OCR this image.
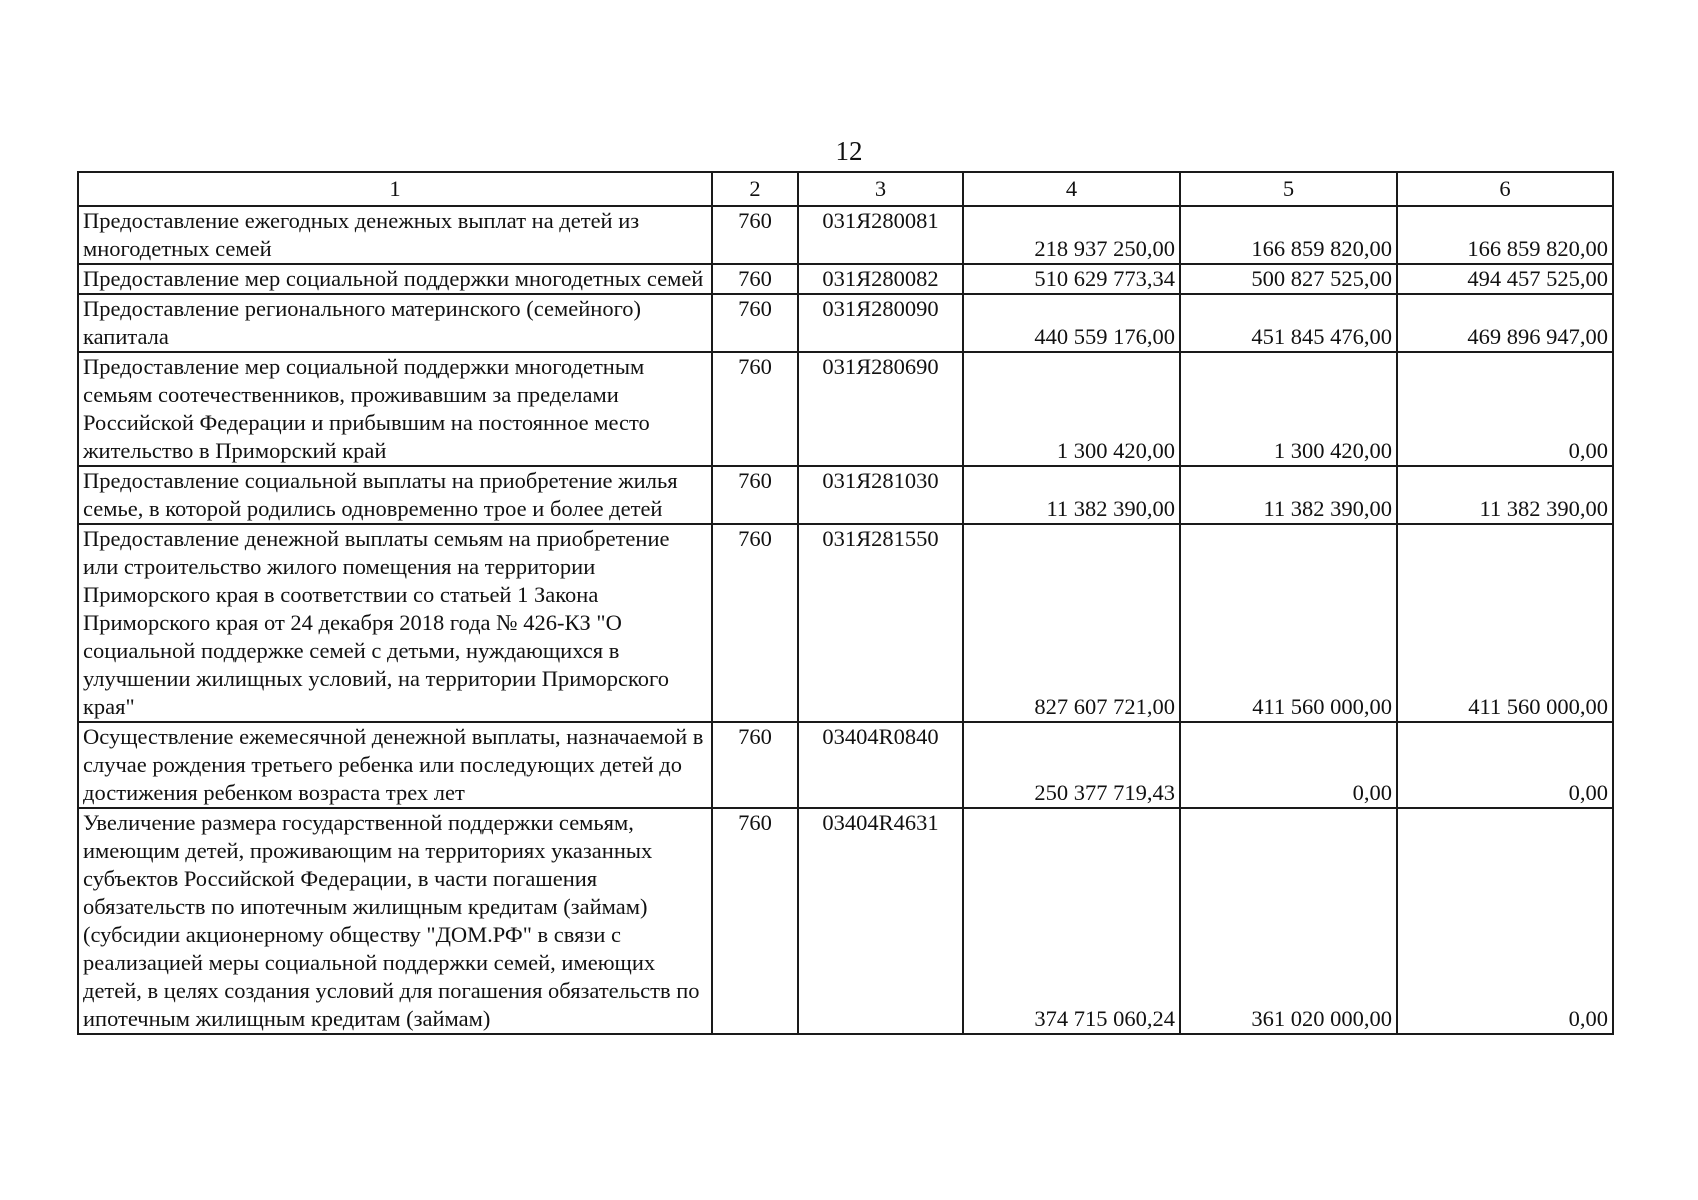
12
1	2	3	4	5	6
Предоставление ежегодных денежных выплат на детей из многодетных семей	760	031Я280081	218 937 250,00	166 859 820,00	166 859 820,00
Предоставление мер социальной поддержки многодетных семей	760	031Я280082	510 629 773,34	500 827 525,00	494 457 525,00
Предоставление регионального материнского (семейного) капитала	760	031Я280090	440 559 176,00	451 845 476,00	469 896 947,00
Предоставление мер социальной поддержки многодетным семьям соотечественников, проживавшим за пределами Российской Федерации и прибывшим на постоянное место жительство в Приморский край	760	031Я280690	1 300 420,00	1 300 420,00	0,00
Предоставление социальной выплаты на приобретение жилья семье, в которой родились одновременно трое и более детей	760	031Я281030	11 382 390,00	11 382 390,00	11 382 390,00
Предоставление денежной выплаты семьям на приобретение или строительство жилого помещения на территории Приморского края в соответствии со статьей 1 Закона Приморского края от 24 декабря 2018 года № 426-КЗ "О социальной поддержке семей с детьми, нуждающихся в улучшении жилищных условий, на территории Приморского края"	760	031Я281550	827 607 721,00	411 560 000,00	411 560 000,00
Осуществление ежемесячной денежной выплаты, назначаемой в случае рождения третьего ребенка или последующих детей до достижения ребенком возраста трех лет	760	03404R0840	250 377 719,43	0,00	0,00
Увеличение размера государственной поддержки семьям, имеющим детей, проживающим на территориях указанных субъектов Российской Федерации, в части погашения обязательств по ипотечным жилищным кредитам (займам) (субсидии акционерному обществу "ДОМ.РФ" в связи с реализацией меры социальной поддержки семей, имеющих детей, в целях создания условий для погашения обязательств по ипотечным жилищным кредитам (займам)	760	03404R4631	374 715 060,24	361 020 000,00	0,00
